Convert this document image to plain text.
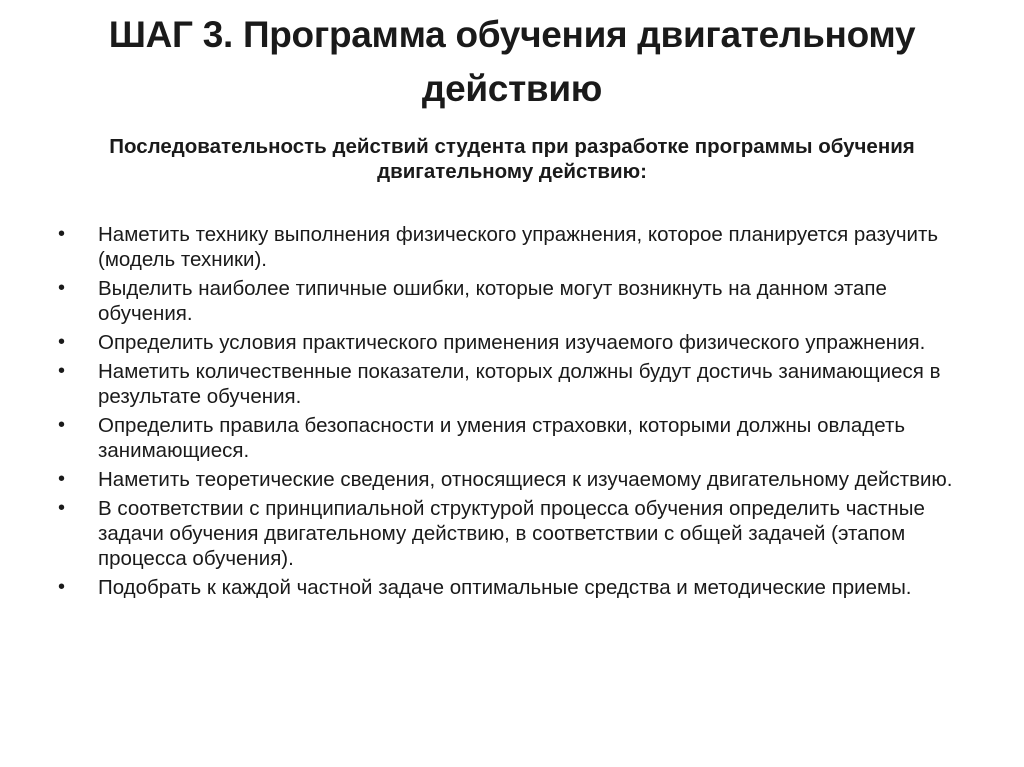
ШАГ 3. Программа обучения двигательному действию
Последовательность действий студента при разработке программы обучения двигательному действию:
• Наметить технику выполнения физического упражнения, которое планируется разучить (модель техники).
• Выделить наиболее типичные ошибки, которые могут возникнуть на данном этапе обучения.
• Определить условия практического применения изучаемого физического упражнения.
• Наметить количественные показатели, которых должны будут достичь занимающиеся в результате обучения.
• Определить правила безопасности и умения страховки, которыми должны овладеть занимающиеся.
• Наметить теоретические сведения, относящиеся к изучаемому двигательному действию.
• В соответствии с принципиальной структурой процесса обучения определить частные задачи обучения двигательному действию, в соответствии с общей задачей (этапом процесса обучения).
• Подобрать к каждой частной задаче оптимальные средства и методические приемы.
